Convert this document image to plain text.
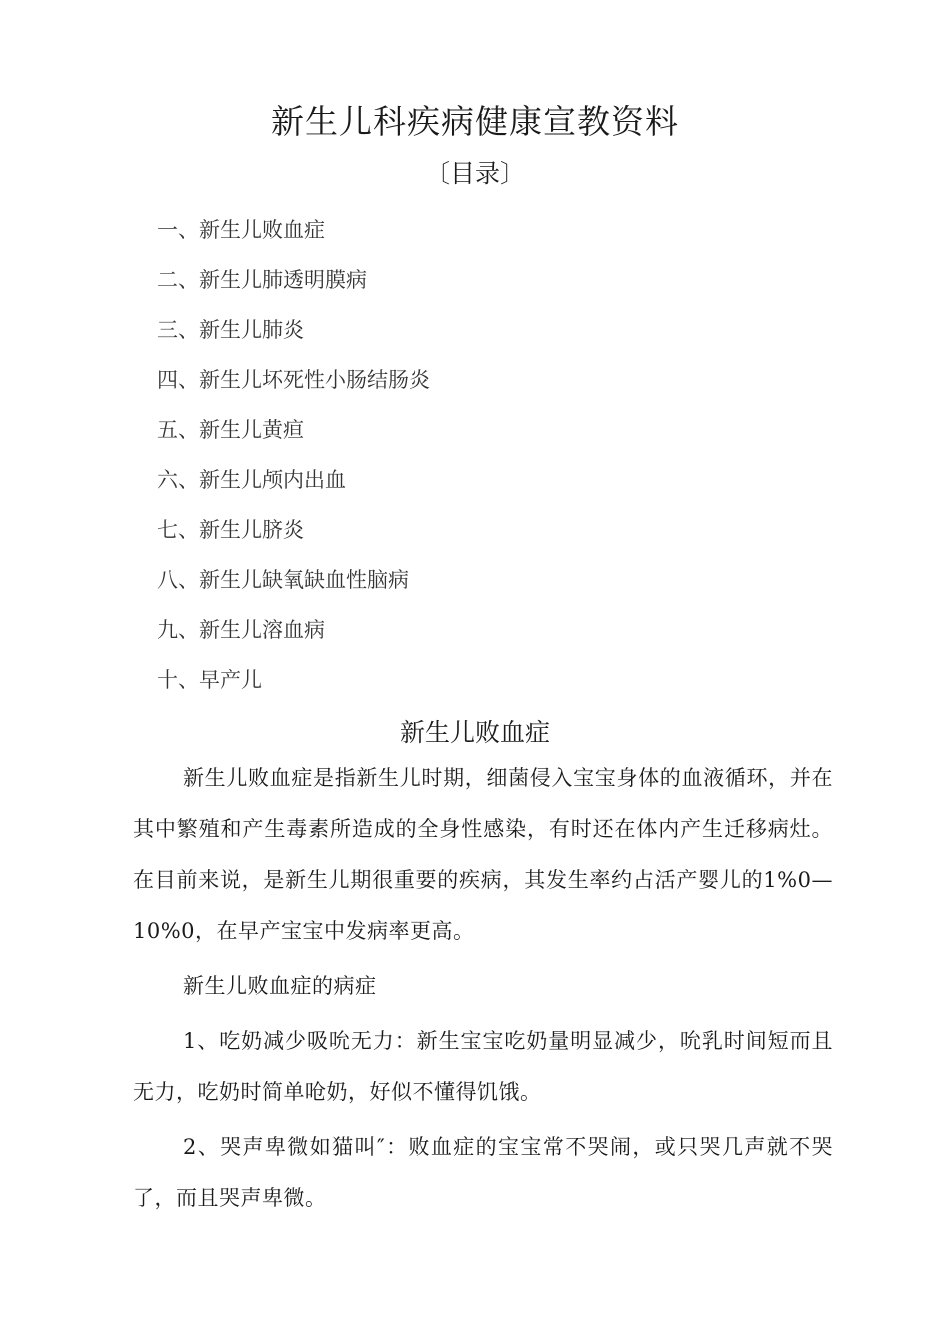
新生儿科疾病健康宣教资料
〔目录〕
一、新生儿败血症
二、新生儿肺透明膜病
三、新生儿肺炎
四、新生儿坏死性小肠结肠炎
五、新生儿黄疸
六、新生儿颅内出血
七、新生儿脐炎
八、新生儿缺氧缺血性脑病
九、新生儿溶血病
十、早产儿
新生儿败血症

新生儿败血症是指新生儿时期，细菌侵入宝宝身体的血液循环，并在其中繁殖和产生毒素所造成的全身性感染，有时还在体内产生迁移病灶。在目前来说，是新生儿期很重要的疾病，其发生率约占活产婴儿的1%0—10%0，在早产宝宝中发病率更高。

新生儿败血症的病症

1、吃奶减少吸吮无力：新生宝宝吃奶量明显减少，吮乳时间短而且无力，吃奶时简单呛奶，好似不懂得饥饿。

2、哭声卑微如猫叫″：败血症的宝宝常不哭闹，或只哭几声就不哭了，而且哭声卑微。
